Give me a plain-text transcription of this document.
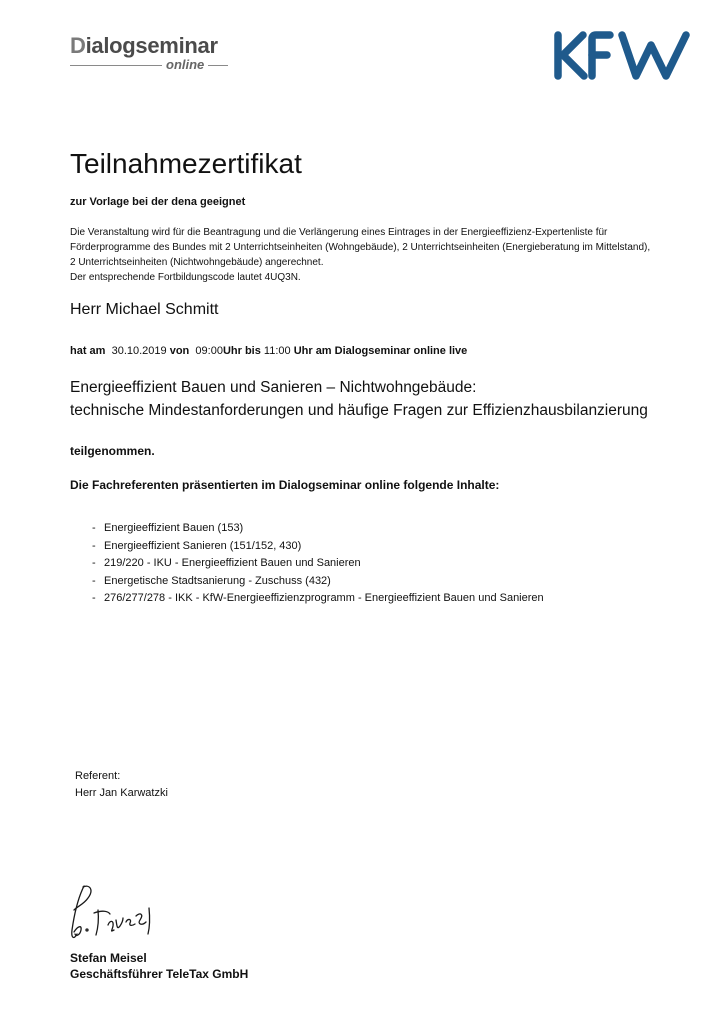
Dialogseminar
online
Teilnahmezertifikat
zur Vorlage bei der dena geeignet
Die Veranstaltung wird für die Beantragung und die Verlängerung eines Eintrages in der Energieeffizienz-Expertenliste für
Förderprogramme des Bundes mit 2 Unterrichtseinheiten (Wohngebäude), 2 Unterrichtseinheiten (Energieberatung im Mittelstand),
2 Unterrichtseinheiten (Nichtwohngebäude) angerechnet.
Der entsprechende Fortbildungscode lautet 4UQ3N.
Herr Michael Schmitt
hat am 30.10.2019 von 09:00Uhr bis 11:00 Uhr am Dialogseminar online live
Energieeffizient Bauen und Sanieren – Nichtwohngebäude:
technische Mindestanforderungen und häufige Fragen zur Effizienzhausbilanzierung
teilgenommen.
Die Fachreferenten präsentierten im Dialogseminar online folgende Inhalte:
- Energieeffizient Bauen (153)
- Energieeffizient Sanieren (151/152, 430)
- 219/220 - IKU - Energieeffizient Bauen und Sanieren
- Energetische Stadtsanierung - Zuschuss (432)
- 276/277/278 - IKK - KfW-Energieeffizienzprogramm - Energieeffizient Bauen und Sanieren
Referent:
Herr Jan Karwatzki
Stefan Meisel
Geschäftsführer TeleTax GmbH
